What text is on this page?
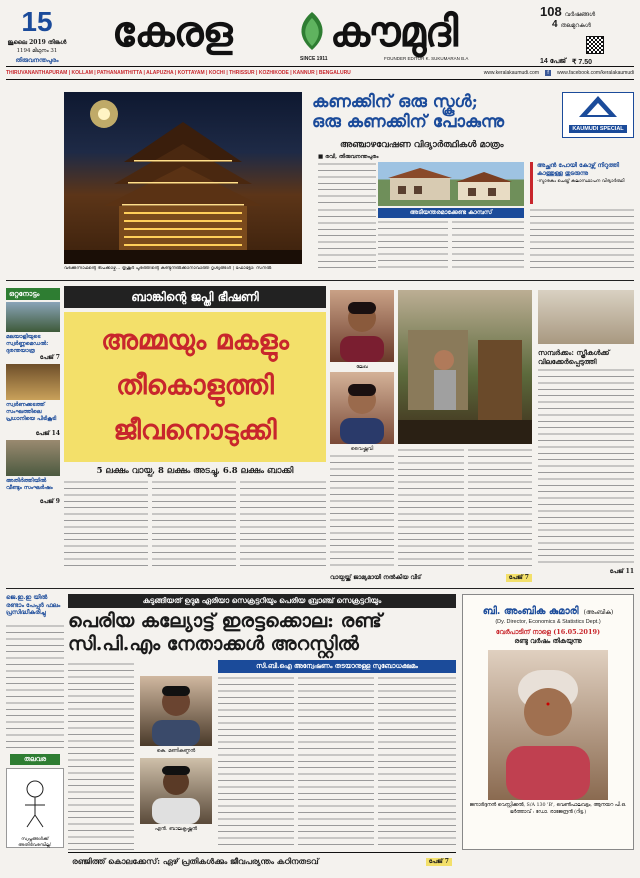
15
ജൂലൈ 2019 തിങ്കൾ
1194 മിഥുനം 31
തിരുവനന്തപുരം
കേരള കൗമുദി
SINCE 1911	FOUNDER EDITOR K. SUKUMARAN B.A
108 വർഷങ്ങൾ
4 തലമുറകൾ
14 പേജ് ₹ 7.50
THIRUVANANTHAPURAM | KOLLAM | PATHANAMTHITTA | ALAPUZHA | KOTTAYAM | KOCHI | THRISSUR | KOZHIKODE | KANNUR | BENGALURU	www.keralakaumudi.com	f	www.facebook.com/keralakaumudi
വടക്കുന്നാഥന്റെ ദീപക്കാഴ്ച... തൃശൂർ പൂരത്തിന്റെ കണ്ടുനിൽക്കാനാവാത്ത ദൃശ്യങ്ങൾ | ഫോട്ടോ: സനൽ
കണക്കിന് ഒരു സ്കൂൾ;
ഒരു കണക്കിന് പോകുന്നു	KAUMUDI SPECIAL
അഞ്ചാഴവേഷണ വിദ്യാർത്ഥികൾ മാത്രം
■ രവി, തിരുവനന്തപുരം
അച്ഛൻ പോയി കോഴ്സ് നിറുത്തി കാത്തുള്ള തുടരുന്നു
-സ്മാരകം ചെയ്ത് കലാസ്ഥാപന വിദ്യാർത്ഥി
അടിയന്തരമാക്കേണ്ട കാമ്പസ്
ഒറ്റനോട്ടം
മലയാളിയുടെ സ്വർണ്ണമെഡൽ: ദുരന്തയാത്ര
പേജ് 7
സ്വർണക്കടത്ത് സംഘത്തിലെ പ്രധാനിയെ പിടികൂടി
പേജ് 14
അതിർത്തിയിൽ വീണ്ടും സംഘർഷം
പേജ് 9
ബാങ്കിന്റെ ജപ്തി ഭീഷണി
അമ്മയും മകളും
തീകൊളുത്തി
ജീവനൊടുക്കി
5 ലക്ഷം വായ്പ, 8 ലക്ഷം അടച്ചു, 6.8 ലക്ഷം ബാക്കി
ലേഖ
വൈഷ്ണവി
വായ്പയ്ക്ക് ജാമ്യമായി നൽകിയ വീട്	പേജ് 7
സമ്പർക്കം: സ്ത്രീകൾക്ക് വിലക്കേർപ്പെടുത്തി
പേജ് 11
ജെ.ഇ.ഇ യിൽ രണ്ടാം പേപ്പർ ഫലം പ്രസിദ്ധീകരിച്ചു
തലവര
സ്വപ്നങ്ങൾക്ക് അതിർവരമ്പില്ല!
കുടുങ്ങിയത് ഉദുമ ഏരിയാ സെക്രട്ടറിയും പെരിയ ബ്രാഞ്ച് സെക്രട്ടറിയും
പെരിയ കല്യോട്ട് ഇരട്ടക്കൊല: രണ്ട്
സി.പി.എം നേതാക്കൾ അറസ്റ്റിൽ
സി.ബി.ഐ അന്വേഷണം തടയാനുള്ള സുബോധക്ഷമം
കെ. മണികണ്ഠൻ
എൻ. ബാലകൃഷ്ണൻ
ബി. അംബിക കുമാരി (അംബിക)
(Dy. Director, Economics & Statistics Dept.)
വേർപാടിന് നാളെ (16.05.2019)
രണ്ടു വർഷം തികയുന്നു
ജനാർദ്ദനൻ വെസ്റ്റിക്കൽ, S/A 130 'B', വെൺപാലവട്ടം, ആനയറ പി.ഒ.
ഭർത്താവ് : ഡോ. രാജേന്ദ്രൻ (റിട്ട.)
രഞ്ജിത്ത് കൊലക്കേസ്: ഏഴ് പ്രതികൾക്കും ജീവപര്യന്തം കഠിനതടവ്	പേജ് 7
